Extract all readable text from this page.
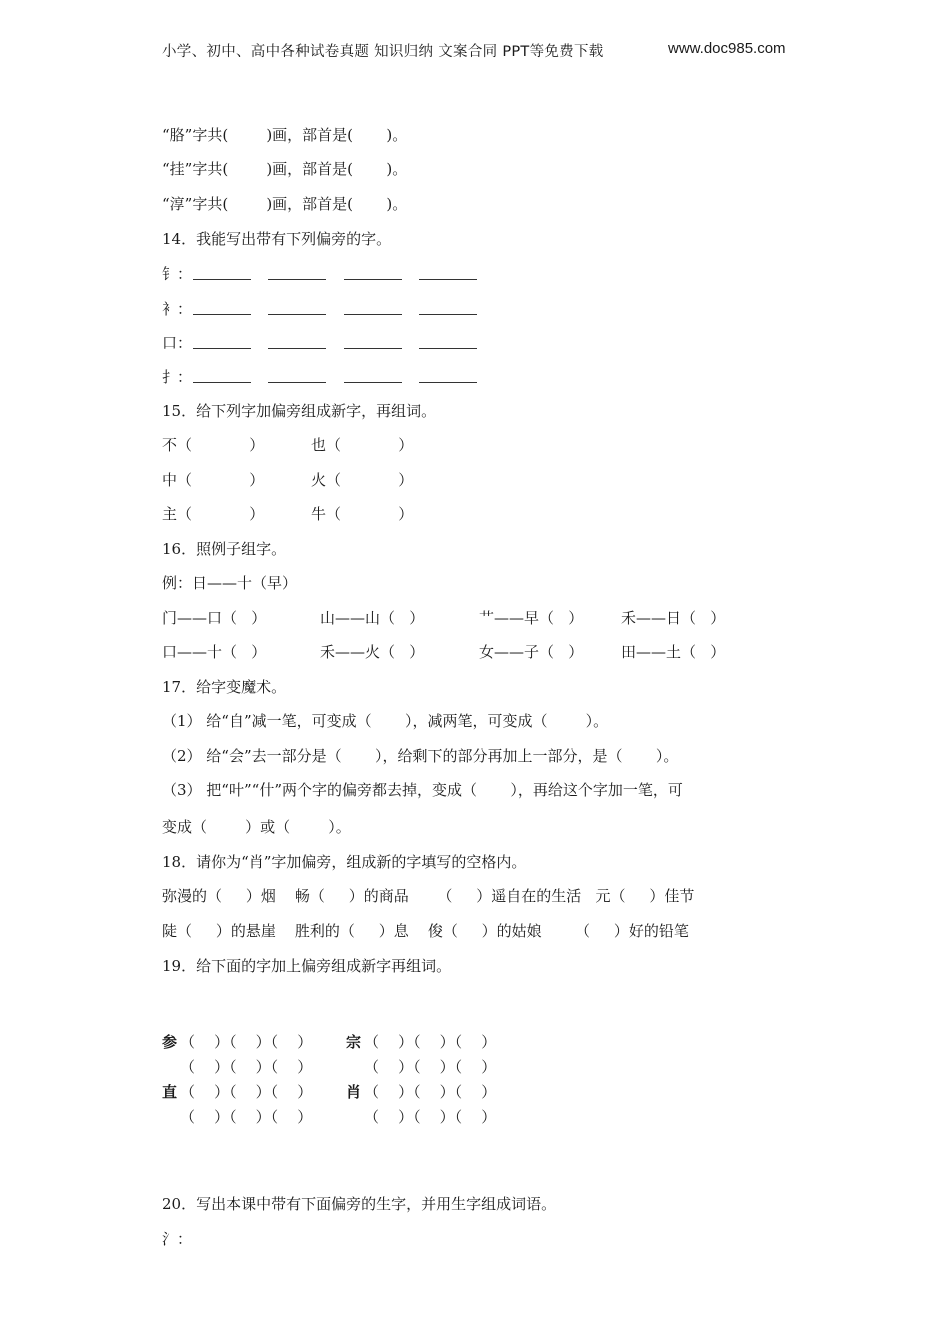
小学、初中、高中各种试卷真题 知识归纳 文案合同 PPT等免费下载	www.doc985.com
“胳”字共(        )画，部首是(       )。
“挂”字共(        )画，部首是(       )。
“淳”字共(        )画，部首是(       )。
14．我能写出带有下列偏旁的字。
钅：
衤：
口：
扌：
15．给下列字加偏旁组成新字，再组词。
不（            ）	也（            ）
中（            ）	火（            ）
主（            ）	牛（            ）
16．照例子组字。
例：日——十（早）
门——口（   ）	山——山（   ）	艹——早（   ）	禾——日（   ）
口——十（   ）	禾——火（   ）	女——子（   ）	田——土（   ）
17．给字变魔术。
（1） 给“自”减一笔，可变成（       ），减两笔，可变成（        ）。
（2） 给“会”去一部分是（       ），给剩下的部分再加上一部分，是（       ）。
（3） 把“叶”“什”两个字的偏旁都去掉，变成（       ），再给这个字加一笔，可
变成（        ）或（        ）。
18．请你为“肖”字加偏旁，组成新的字填写的空格内。
弥漫的（     ）烟    畅（     ）的商品      （     ）遥自在的生活   元（     ）佳节
陡（     ）的悬崖    胜利的（     ）息    俊（     ）的姑娘       （     ）好的铅笔
19．给下面的字加上偏旁组成新字再组词。
参 （    ）（    ）（    ） 宗 （    ）（    ）（    ）
（    ）（    ）（    ）	（    ）（    ）（    ）
直 （    ）（    ）（    ） 肖 （    ）（    ）（    ）
（    ）（    ）（    ）	（    ）（    ）（    ）
20．写出本课中带有下面偏旁的生字，并用生字组成词语。
氵：
